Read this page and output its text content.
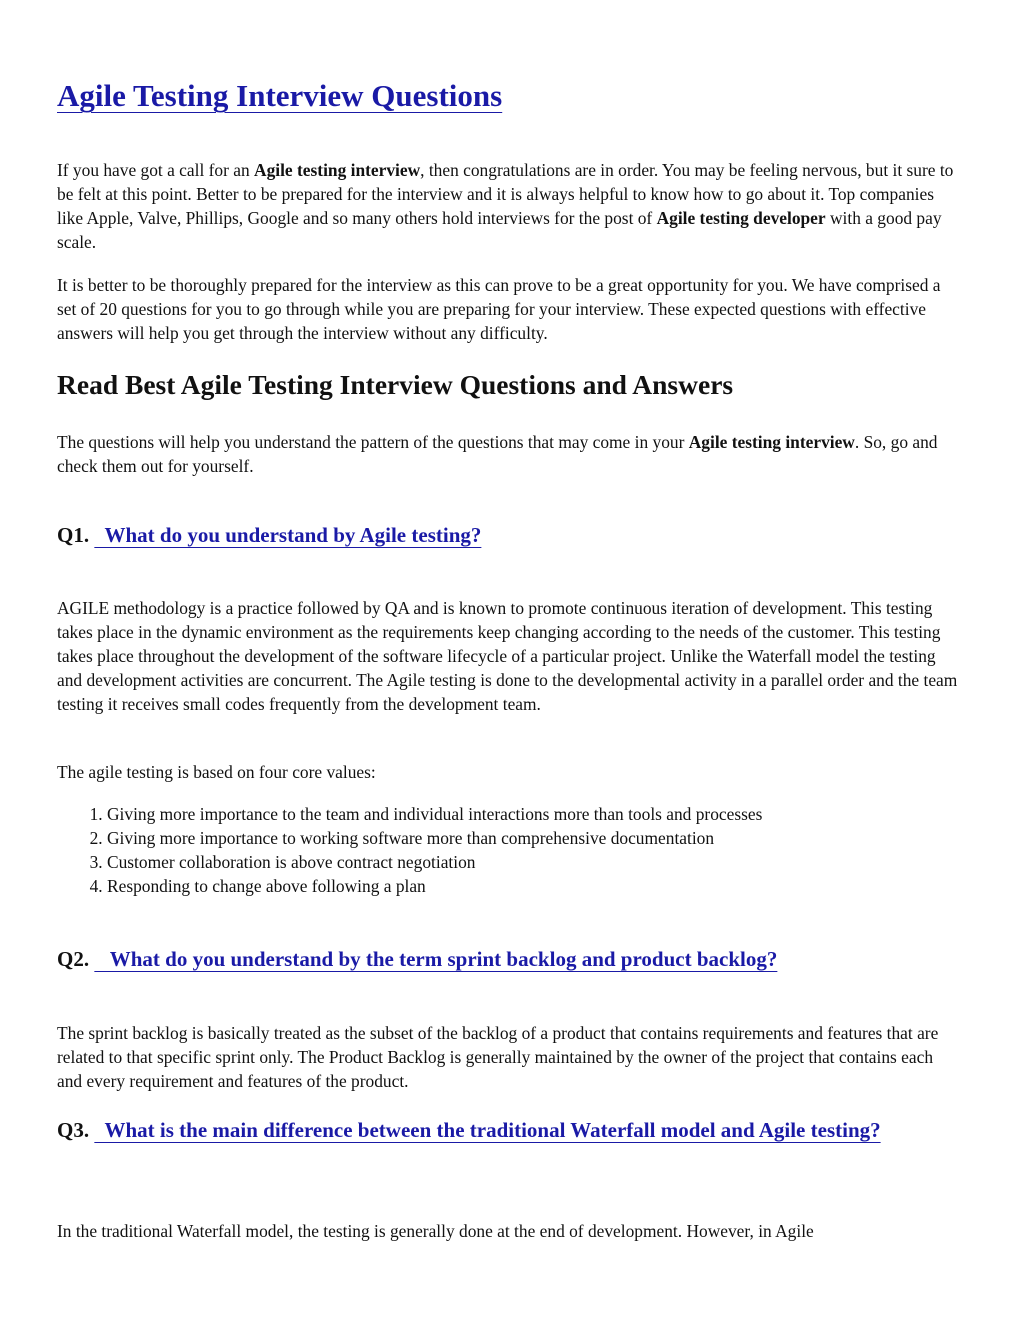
Agile Testing Interview Questions

If you have got a call for an Agile testing interview, then congratulations are in order. You may be feeling nervous, but it sure to be felt at this point. Better to be prepared for the interview and it is always helpful to know how to go about it. Top companies like Apple, Valve, Phillips, Google and so many others hold interviews for the post of Agile testing developer with a good pay scale.

It is better to be thoroughly prepared for the interview as this can prove to be a great opportunity for you. We have comprised a set of 20 questions for you to go through while you are preparing for your interview. These expected questions with effective answers will help you get through the interview without any difficulty.

Read Best Agile Testing Interview Questions and Answers

The questions will help you understand the pattern of the questions that may come in your Agile testing interview. So, go and check them out for yourself.

Q1.   What do you understand by Agile testing?

AGILE methodology is a practice followed by QA and is known to promote continuous iteration of development. This testing takes place in the dynamic environment as the requirements keep changing according to the needs of the customer. This testing takes place throughout the development of the software lifecycle of a particular project. Unlike the Waterfall model the testing and development activities are concurrent. The Agile testing is done to the developmental activity in a parallel order and the team testing it receives small codes frequently from the development team.

The agile testing is based on four core values:

1. Giving more importance to the team and individual interactions more than tools and processes
2. Giving more importance to working software more than comprehensive documentation
3. Customer collaboration is above contract negotiation
4. Responding to change above following a plan
Q2.    What do you understand by the term sprint backlog and product backlog?

The sprint backlog is basically treated as the subset of the backlog of a product that contains requirements and features that are related to that specific sprint only. The Product Backlog is generally maintained by the owner of the project that contains each and every requirement and features of the product.

Q3.   What is the main difference between the traditional Waterfall model and Agile testing?

In the traditional Waterfall model, the testing is generally done at the end of development. However, in Agile
